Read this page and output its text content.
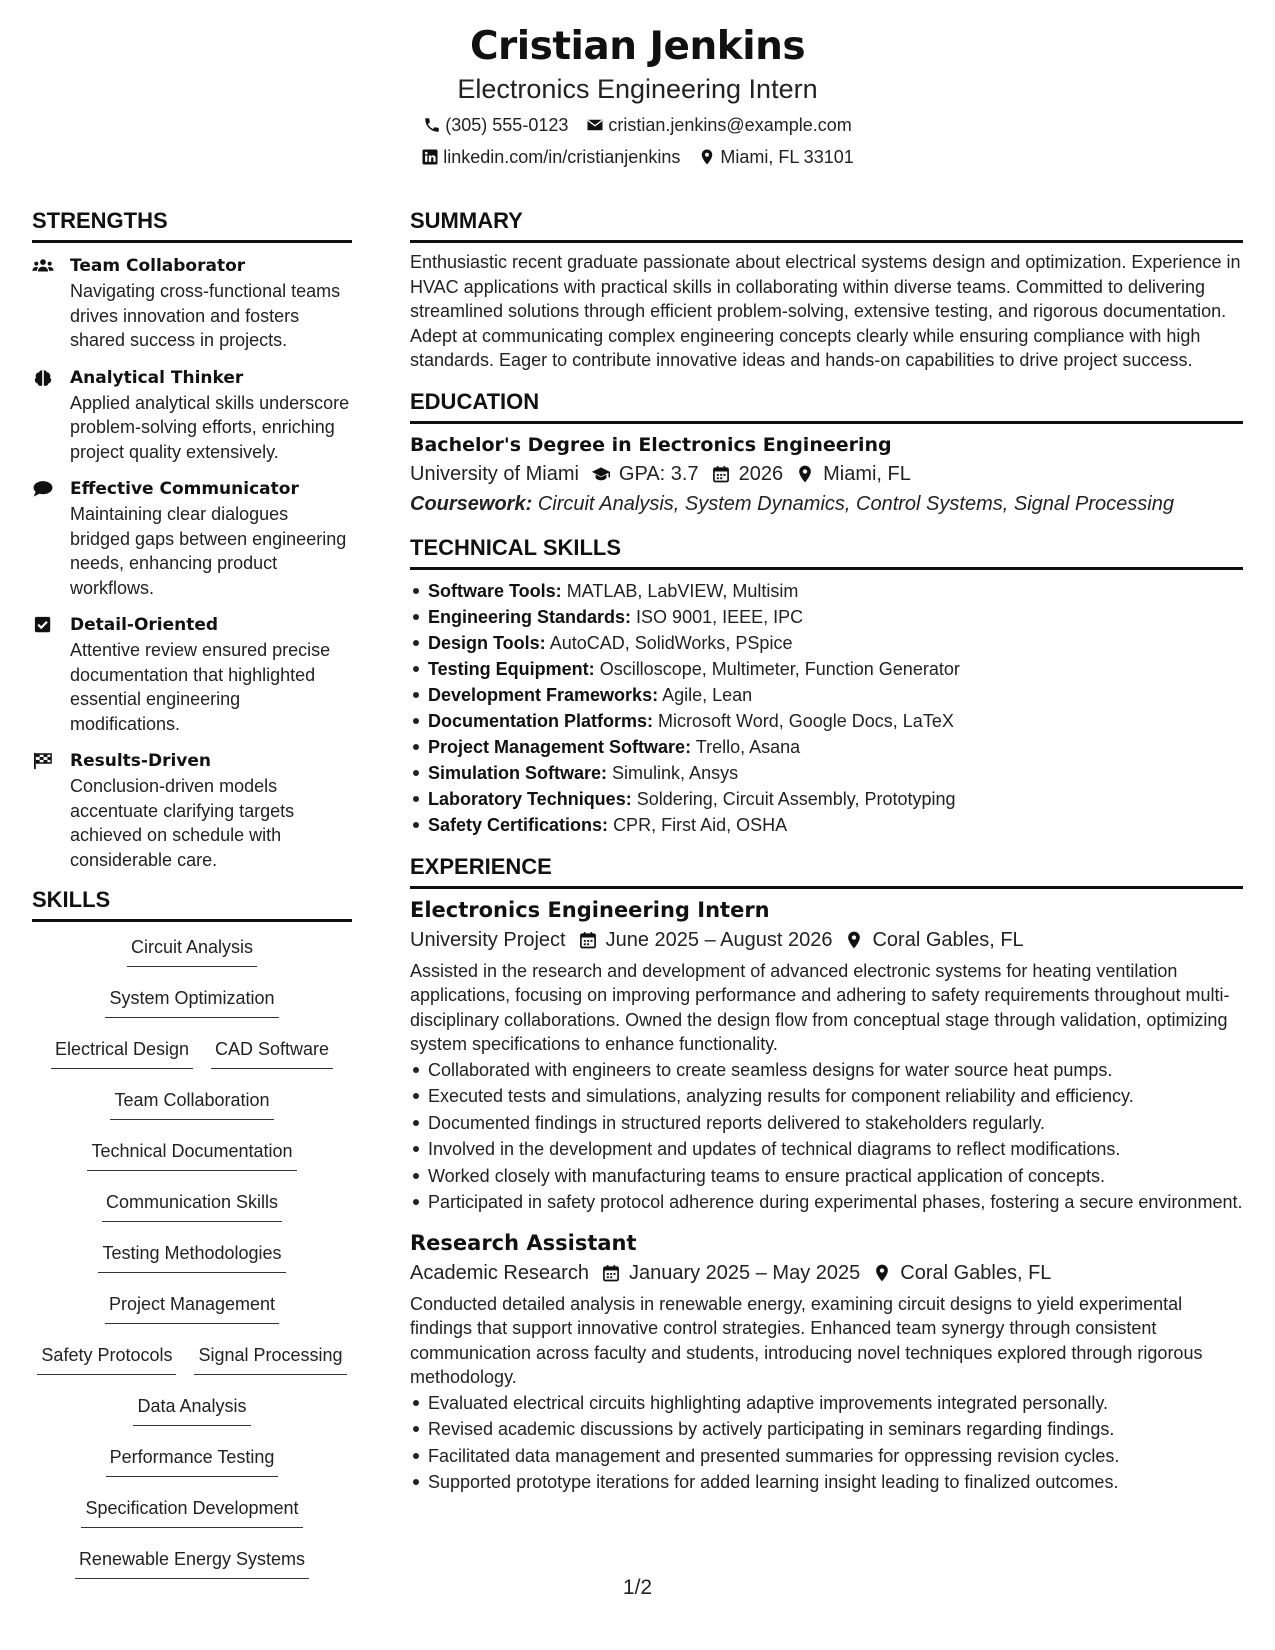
Cristian Jenkins
Electronics Engineering Intern
(305) 555-0123 cristian.jenkins@example.com
linkedin.com/in/cristianjenkins Miami, FL 33101
STRENGTHS
Team Collaborator
Navigating cross-functional teams drives innovation and fosters shared success in projects.
Analytical Thinker
Applied analytical skills underscore problem-solving efforts, enriching project quality extensively.
Effective Communicator
Maintaining clear dialogues bridged gaps between engineering needs, enhancing product workflows.
Detail-Oriented
Attentive review ensured precise documentation that highlighted essential engineering modifications.
Results-Driven
Conclusion-driven models accentuate clarifying targets achieved on schedule with considerable care.
SKILLS
Circuit Analysis
System Optimization
Electrical Design CAD Software
Team Collaboration
Technical Documentation
Communication Skills
Testing Methodologies
Project Management
Safety Protocols Signal Processing
Data Analysis
Performance Testing
Specification Development
Renewable Energy Systems
SUMMARY
Enthusiastic recent graduate passionate about electrical systems design and optimization. Experience in HVAC applications with practical skills in collaborating within diverse teams. Committed to delivering streamlined solutions through efficient problem-solving, extensive testing, and rigorous documentation. Adept at communicating complex engineering concepts clearly while ensuring compliance with high standards. Eager to contribute innovative ideas and hands-on capabilities to drive project success.
EDUCATION
Bachelor's Degree in Electronics Engineering
University of Miami GPA: 3.7 2026 Miami, FL
Coursework: Circuit Analysis, System Dynamics, Control Systems, Signal Processing
TECHNICAL SKILLS
Software Tools: MATLAB, LabVIEW, Multisim
Engineering Standards: ISO 9001, IEEE, IPC
Design Tools: AutoCAD, SolidWorks, PSpice
Testing Equipment: Oscilloscope, Multimeter, Function Generator
Development Frameworks: Agile, Lean
Documentation Platforms: Microsoft Word, Google Docs, LaTeX
Project Management Software: Trello, Asana
Simulation Software: Simulink, Ansys
Laboratory Techniques: Soldering, Circuit Assembly, Prototyping
Safety Certifications: CPR, First Aid, OSHA
EXPERIENCE
Electronics Engineering Intern
University Project June 2025 – August 2026 Coral Gables, FL
Assisted in the research and development of advanced electronic systems for heating ventilation applications, focusing on improving performance and adhering to safety requirements throughout multi-disciplinary collaborations. Owned the design flow from conceptual stage through validation, optimizing system specifications to enhance functionality.
Collaborated with engineers to create seamless designs for water source heat pumps.
Executed tests and simulations, analyzing results for component reliability and efficiency.
Documented findings in structured reports delivered to stakeholders regularly.
Involved in the development and updates of technical diagrams to reflect modifications.
Worked closely with manufacturing teams to ensure practical application of concepts.
Participated in safety protocol adherence during experimental phases, fostering a secure environment.
Research Assistant
Academic Research January 2025 – May 2025 Coral Gables, FL
Conducted detailed analysis in renewable energy, examining circuit designs to yield experimental findings that support innovative control strategies. Enhanced team synergy through consistent communication across faculty and students, introducing novel techniques explored through rigorous methodology.
Evaluated electrical circuits highlighting adaptive improvements integrated personally.
Revised academic discussions by actively participating in seminars regarding findings.
Facilitated data management and presented summaries for oppressing revision cycles.
Supported prototype iterations for added learning insight leading to finalized outcomes.
1/2
